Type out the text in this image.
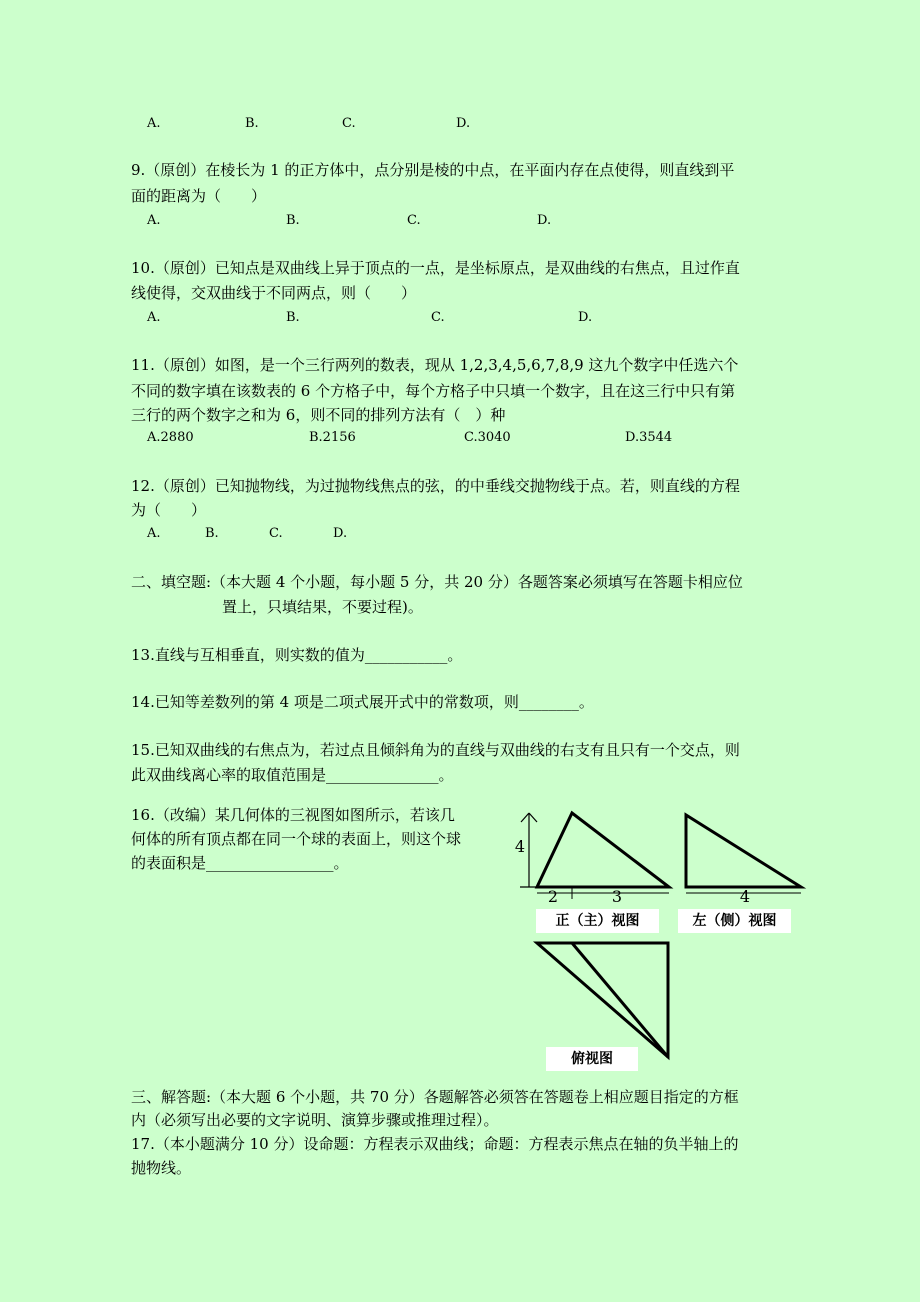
A.	B.	C.	D.
9.（原创）在棱长为 1 的正方体中，点分别是棱的中点，在平面内存在点使得，则直线到平
面的距离为（　　）
A.	B.	C.	D.
10.（原创）已知点是双曲线上异于顶点的一点，是坐标原点，是双曲线的右焦点，且过作直
线使得，交双曲线于不同两点，则（　　）
A.	B.	C.	D.
11.（原创）如图，是一个三行两列的数表，现从 1,2,3,4,5,6,7,8,9 这九个数字中任选六个
不同的数字填在该数表的 6 个方格子中，每个方格子中只填一个数字，且在这三行中只有第
三行的两个数字之和为 6，则不同的排列方法有（　）种
A.2880	B.2156	C.3040	D.3544
12.（原创）已知抛物线，为过抛物线焦点的弦，的中垂线交抛物线于点。若，则直线的方程
为（　　）
A.	B.	C.	D.
二、填空题:（本大题 4 个小题，每小题 5 分，共 20 分）各题答案必须填写在答题卡相应位
置上，只填结果，不要过程)。
13.直线与互相垂直，则实数的值为___________。
14.已知等差数列的第 4 项是二项式展开式中的常数项，则________。
15.已知双曲线的右焦点为，若过点且倾斜角为的直线与双曲线的右支有且只有一个交点，则
此双曲线离心率的取值范围是_______________。
16.（改编）某几何体的三视图如图所示，若该几
何体的所有顶点都在同一个球的表面上，则这个球
的表面积是_________________。
4
2	3	4
正（主）视图	左（侧）视图
俯视图
三、解答题:（本大题 6 个小题，共 70 分）各题解答必须答在答题卷上相应题目指定的方框
内（必须写出必要的文字说明、演算步骤或推理过程）。
17.（本小题满分 10 分）设命题：方程表示双曲线；命题：方程表示焦点在轴的负半轴上的
抛物线。
